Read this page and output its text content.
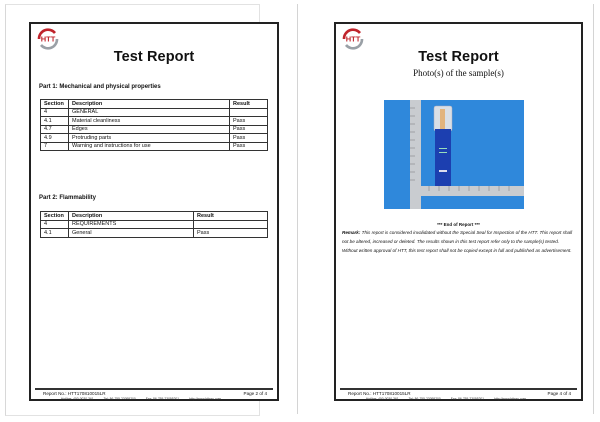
HTT
Test Report
Part 1: Mechanical and physical properties
Section	Description	Result
4	GENERAL	
4.1	Material cleanliness	Pass
4.7	Edges	Pass
4.9	Protruding parts	Pass
7	Warning and instructions for use	Pass
Part 2: Flammability
Section	Description	Result
4	REQUIREMENTS	
4.1	General	Pass
Report No.: HTT170810015LR	Page 2 of 4
Hotline: 400-0030-361	Tel: 86-755-23095200	Fax: 86-755-23095201	http://www.httpxc.com
HTT
Test Report
Photo(s) of the sample(s)
*** End of Report ***
Remark: This report is considered invalidated without the Special Seal for Inspection of the HTT. This report shall not be altered, increased or deleted. The results shown in this test report refer only to the sample(s) tested. Without written approval of HTT, this test report shall not be copied except in full and published as advertisement.
Report No.: HTT170810015LR	Page 4 of 4
Hotline: 400-0030-361	Tel: 86-755-23095200	Fax: 86-755-23095201	http://www.httpxc.com
